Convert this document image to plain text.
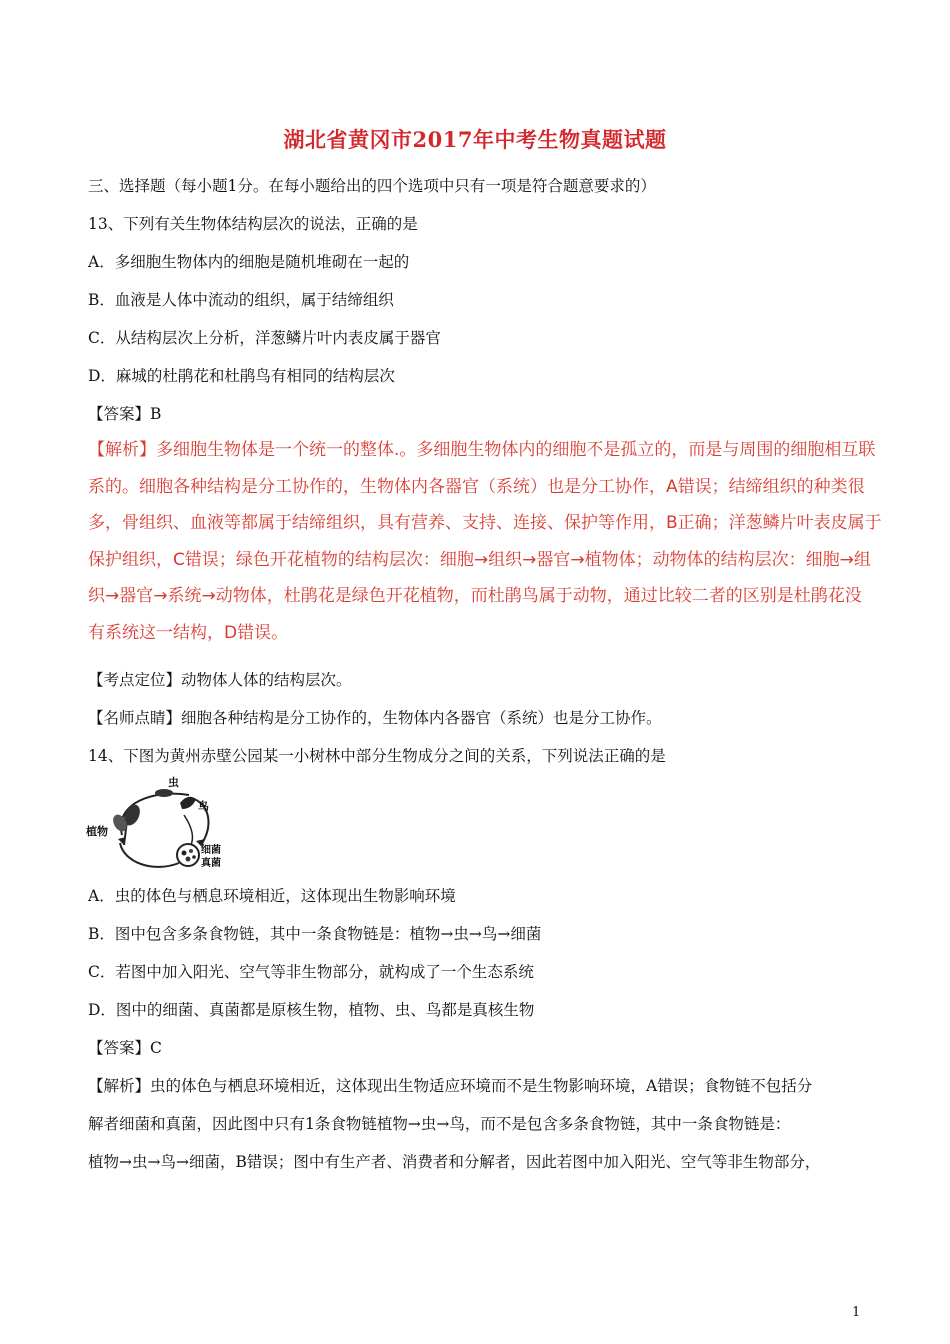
湖北省黄冈市2017年中考生物真题试题
三、选择题（每小题1分。在每小题给出的四个选项中只有一项是符合题意要求的）
13、下列有关生物体结构层次的说法，正确的是
A．多细胞生物体内的细胞是随机堆砌在一起的
B．血液是人体中流动的组织，属于结缔组织
C．从结构层次上分析，洋葱鳞片叶内表皮属于器官
D．麻城的杜鹃花和杜鹃鸟有相同的结构层次
【答案】B

【解析】多细胞生物体是一个统一的整体.。多细胞生物体内的细胞不是孤立的，而是与周围的细胞相互联

系的。细胞各种结构是分工协作的，生物体内各器官（系统）也是分工协作，A错误；结缔组织的种类很

多，骨组织、血液等都属于结缔组织，具有营养、支持、连接、保护等作用，B正确；洋葱鳞片叶表皮属于

保护组织，C错误；绿色开花植物的结构层次：细胞→组织→器官→植物体；动物体的结构层次：细胞→组

织→器官→系统→动物体，杜鹃花是绿色开花植物，而杜鹃鸟属于动物，通过比较二者的区别是杜鹃花没

有系统这一结构，D错误。

【考点定位】动物体人体的结构层次。
【名师点睛】细胞各种结构是分工协作的，生物体内各器官（系统）也是分工协作。
14、下图为黄州赤壁公园某一小树林中部分生物成分之间的关系，下列说法正确的是
虫
鸟
植物
细菌
真菌
A．虫的体色与栖息环境相近，这体现出生物影响环境
B．图中包含多条食物链，其中一条食物链是：植物→虫→鸟→细菌
C．若图中加入阳光、空气等非生物部分，就构成了一个生态系统
D．图中的细菌、真菌都是原核生物，植物、虫、鸟都是真核生物
【答案】C
【解析】虫的体色与栖息环境相近，这体现出生物适应环境而不是生物影响环境，A错误；食物链不包括分
解者细菌和真菌，因此图中只有1条食物链植物→虫→鸟，而不是包含多条食物链，其中一条食物链是：
植物→虫→鸟→细菌，B错误；图中有生产者、消费者和分解者，因此若图中加入阳光、空气等非生物部分，
1
